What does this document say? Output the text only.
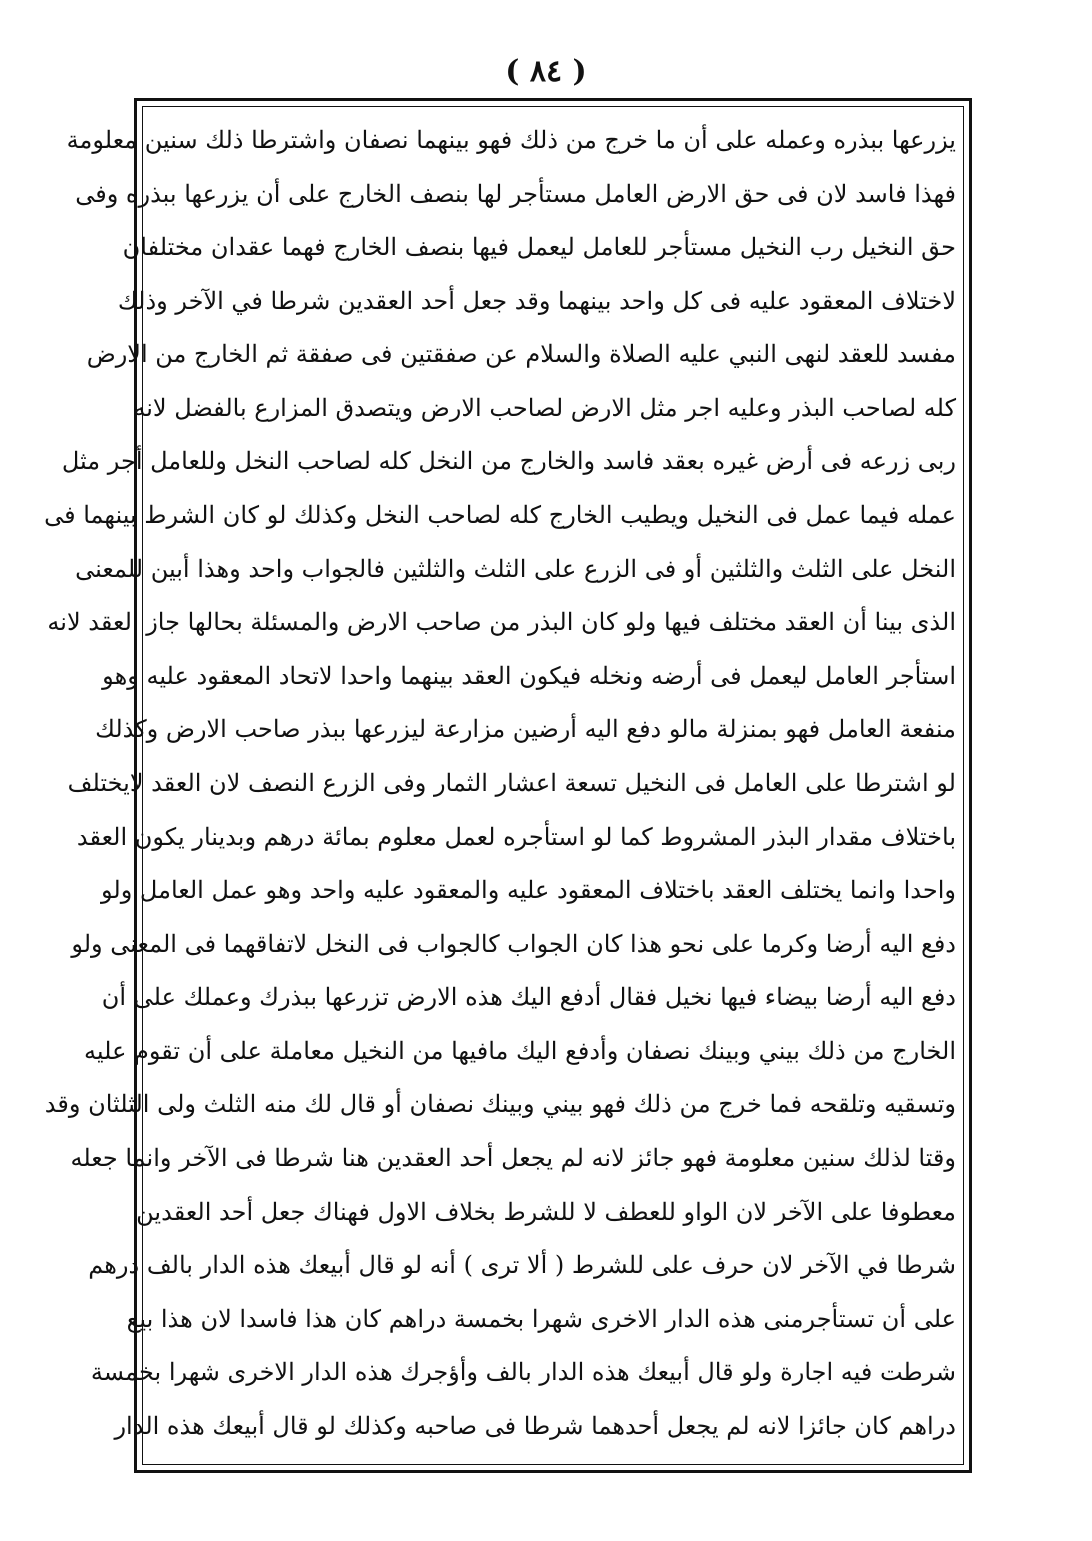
( ٨٤ )
يزرعها ببذره وعمله على أن ما خرج من ذلك فهو بينهما نصفان واشترطا ذلك سنين معلومة
فهذا فاسد لان فى حق الارض العامل مستأجر لها بنصف الخارج على أن يزرعها ببذره وفى
حق النخيل رب النخيل مستأجر للعامل ليعمل فيها بنصف الخارج فهما عقدان مختلفان
لاختلاف المعقود عليه فى كل واحد بينهما وقد جعل أحد العقدين شرطا في الآخر وذلك
مفسد للعقد لنهى النبي عليه الصلاة والسلام عن صفقتين فى صفقة ثم الخارج من الارض
كله لصاحب البذر وعليه اجر مثل الارض لصاحب الارض ويتصدق المزارع بالفضل لانه
ربى زرعه فى أرض غيره بعقد فاسد والخارج من النخل كله لصاحب النخل وللعامل أجر مثل
عمله فيما عمل فى النخيل ويطيب الخارج كله لصاحب النخل وكذلك لو كان الشرط بينهما فى
النخل على الثلث والثلثين أو فى الزرع على الثلث والثلثين فالجواب واحد وهذا أبين للمعنى
الذى بينا أن العقد مختلف فيها ولو كان البذر من صاحب الارض والمسئلة بحالها جاز العقد لانه
استأجر العامل ليعمل فى أرضه ونخله فيكون العقد بينهما واحدا لاتحاد المعقود عليه وهو
منفعة العامل فهو بمنزلة مالو دفع اليه أرضين مزارعة ليزرعها ببذر صاحب الارض وكذلك
لو اشترطا على العامل فى النخيل تسعة اعشار الثمار وفى الزرع النصف لان العقد لايختلف
باختلاف مقدار البذر المشروط كما لو استأجره لعمل معلوم بمائة درهم وبدينار يكون العقد
واحدا وانما يختلف العقد باختلاف المعقود عليه والمعقود عليه واحد وهو عمل العامل ولو
دفع اليه أرضا وكرما على نحو هذا كان الجواب كالجواب فى النخل لاتفاقهما فى المعنى ولو
دفع اليه أرضا بيضاء فيها نخيل فقال أدفع اليك هذه الارض تزرعها ببذرك وعملك على أن
الخارج من ذلك بيني وبينك نصفان وأدفع اليك مافيها من النخيل معاملة على أن تقوم عليه
وتسقيه وتلقحه فما خرج من ذلك فهو بيني وبينك نصفان أو قال لك منه الثلث ولى الثلثان وقد
وقتا لذلك سنين معلومة فهو جائز لانه لم يجعل أحد العقدين هنا شرطا فى الآخر وانما جعله
معطوفا على الآخر لان الواو للعطف لا للشرط بخلاف الاول فهناك جعل أحد العقدين
شرطا في الآخر لان حرف على للشرط ( ألا ترى ) أنه لو قال أبيعك هذه الدار بالف درهم
على أن تستأجرمنى هذه الدار الاخرى شهرا بخمسة دراهم كان هذا فاسدا لان هذا بيع
شرطت فيه اجارة ولو قال أبيعك هذه الدار بالف وأؤجرك هذه الدار الاخرى شهرا بخمسة
دراهم كان جائزا لانه لم يجعل أحدهما شرطا فى صاحبه وكذلك لو قال أبيعك هذه الدار
